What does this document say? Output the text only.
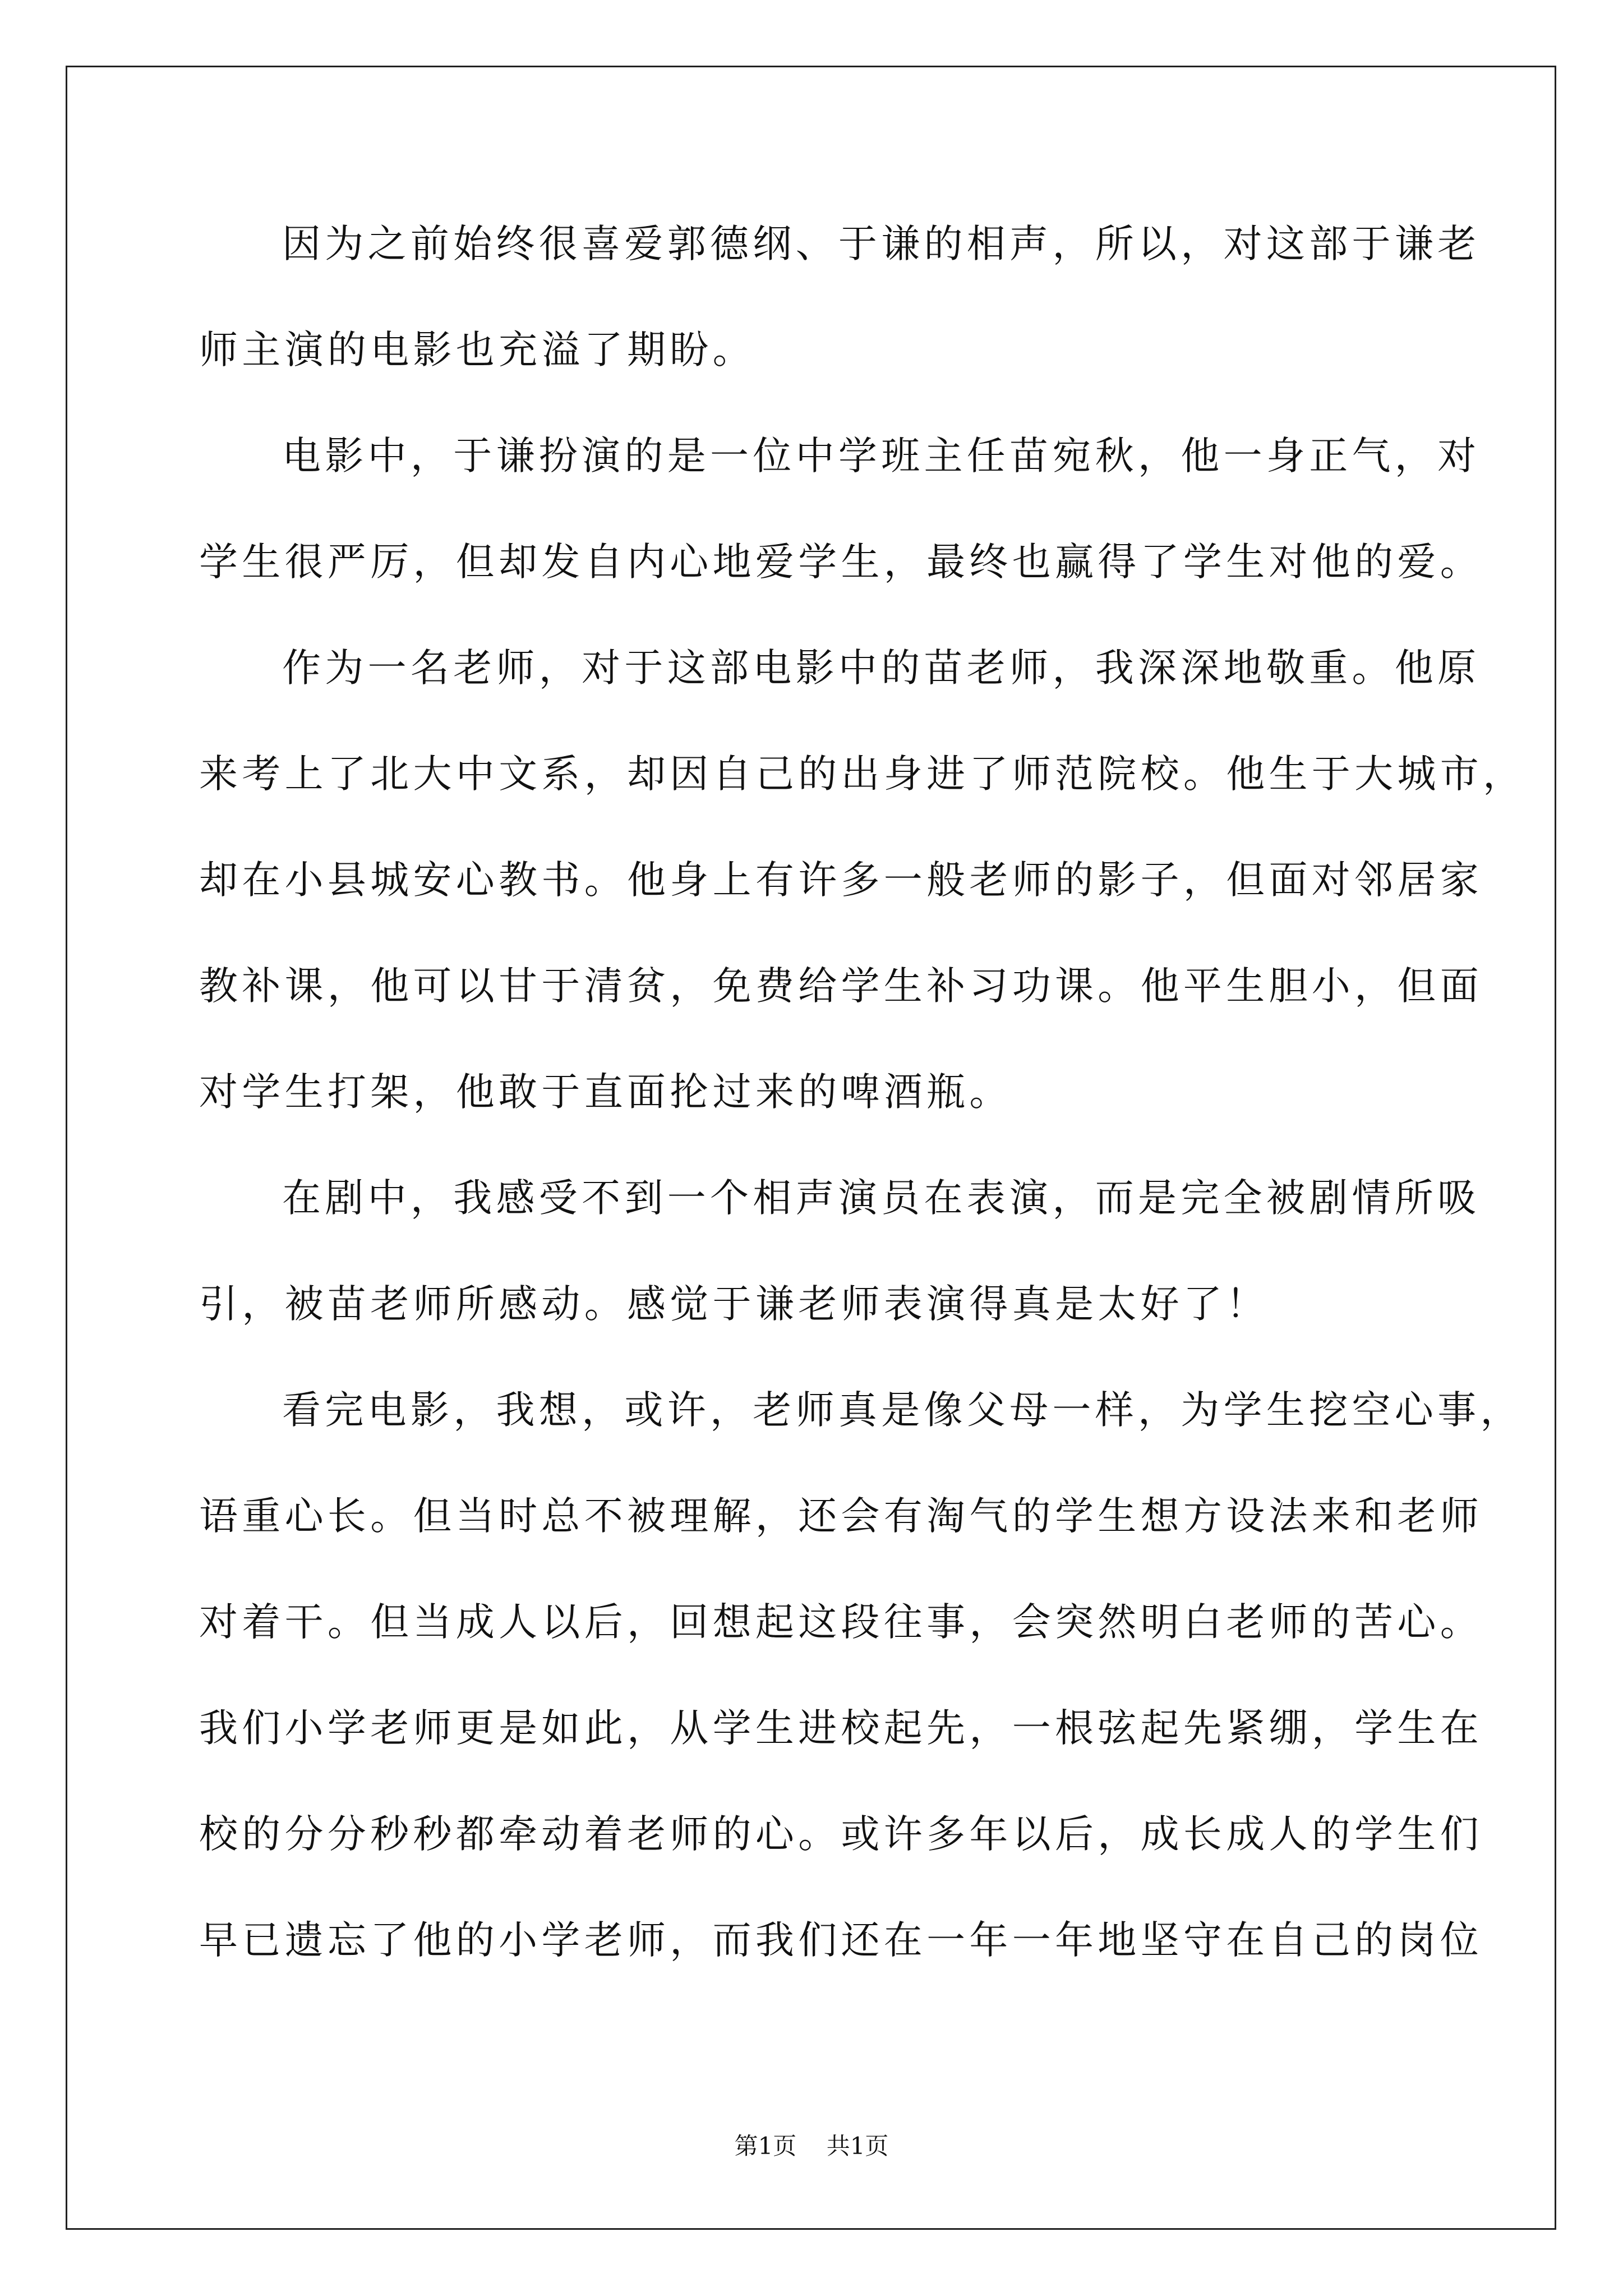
因为之前始终很喜爱郭德纲、于谦的相声，所以，对这部于谦老
师主演的电影也充溢了期盼。
电影中，于谦扮演的是一位中学班主任苗宛秋，他一身正气，对
学生很严厉，但却发自内心地爱学生，最终也赢得了学生对他的爱。
作为一名老师，对于这部电影中的苗老师，我深深地敬重。他原
来考上了北大中文系，却因自己的出身进了师范院校。他生于大城市，
却在小县城安心教书。他身上有许多一般老师的影子，但面对邻居家
教补课，他可以甘于清贫，免费给学生补习功课。他平生胆小，但面
对学生打架，他敢于直面抡过来的啤酒瓶。
在剧中，我感受不到一个相声演员在表演，而是完全被剧情所吸
引，被苗老师所感动。感觉于谦老师表演得真是太好了！
看完电影，我想，或许，老师真是像父母一样，为学生挖空心事，
语重心长。但当时总不被理解，还会有淘气的学生想方设法来和老师
对着干。但当成人以后，回想起这段往事，会突然明白老师的苦心。
我们小学老师更是如此，从学生进校起先，一根弦起先紧绷，学生在
校的分分秒秒都牵动着老师的心。或许多年以后，成长成人的学生们
早已遗忘了他的小学老师，而我们还在一年一年地坚守在自己的岗位
第1页 共1页
